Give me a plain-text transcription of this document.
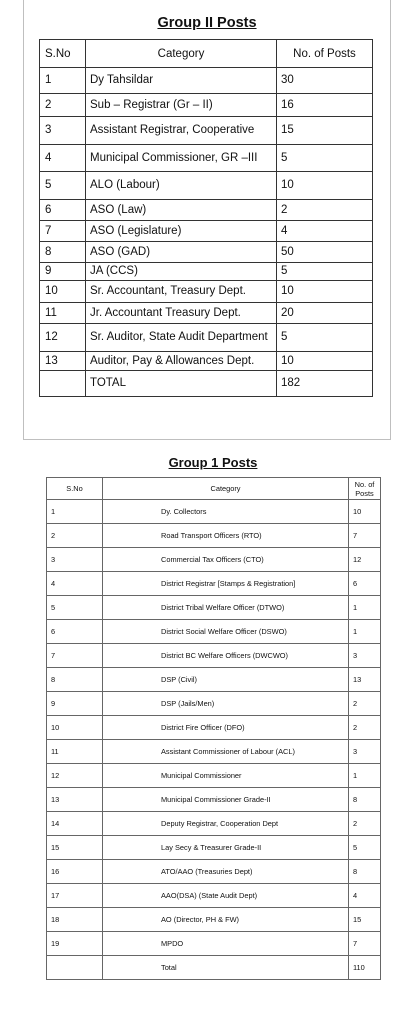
Group II Posts
S.No	Category	No. of Posts
1	Dy Tahsildar	30
2	Sub – Registrar (Gr – II)	16
3	Assistant Registrar, Cooperative	15
4	Municipal Commissioner, GR –III	5
5	ALO (Labour)	10
6	ASO (Law)	2
7	ASO (Legislature)	4
8	ASO (GAD)	50
9	JA (CCS)	5
10	Sr. Accountant, Treasury Dept.	10
11	Jr. Accountant Treasury Dept.	20
12	Sr. Auditor, State Audit Department	5
13	Auditor, Pay & Allowances Dept.	10
	TOTAL	182
Group 1 Posts
S.No	Category	No. of Posts
1	Dy. Collectors	10
2	Road Transport Officers (RTO)	7
3	Commercial Tax Officers (CTO)	12
4	District Registrar [Stamps & Registration]	6
5	District Tribal Welfare Officer (DTWO)	1
6	District Social Welfare Officer (DSWO)	1
7	District BC Welfare Officers (DWCWO)	3
8	DSP (Civil)	13
9	DSP (Jails/Men)	2
10	District Fire Officer (DFO)	2
11	Assistant Commissioner of Labour (ACL)	3
12	Municipal Commissioner	1
13	Municipal Commissioner Grade-II	8
14	Deputy Registrar, Cooperation Dept	2
15	Lay Secy & Treasurer Grade-II	5
16	ATO/AAO (Treasuries Dept)	8
17	AAO(DSA) (State Audit Dept)	4
18	AO (Director, PH & FW)	15
19	MPDO	7
	Total	110
